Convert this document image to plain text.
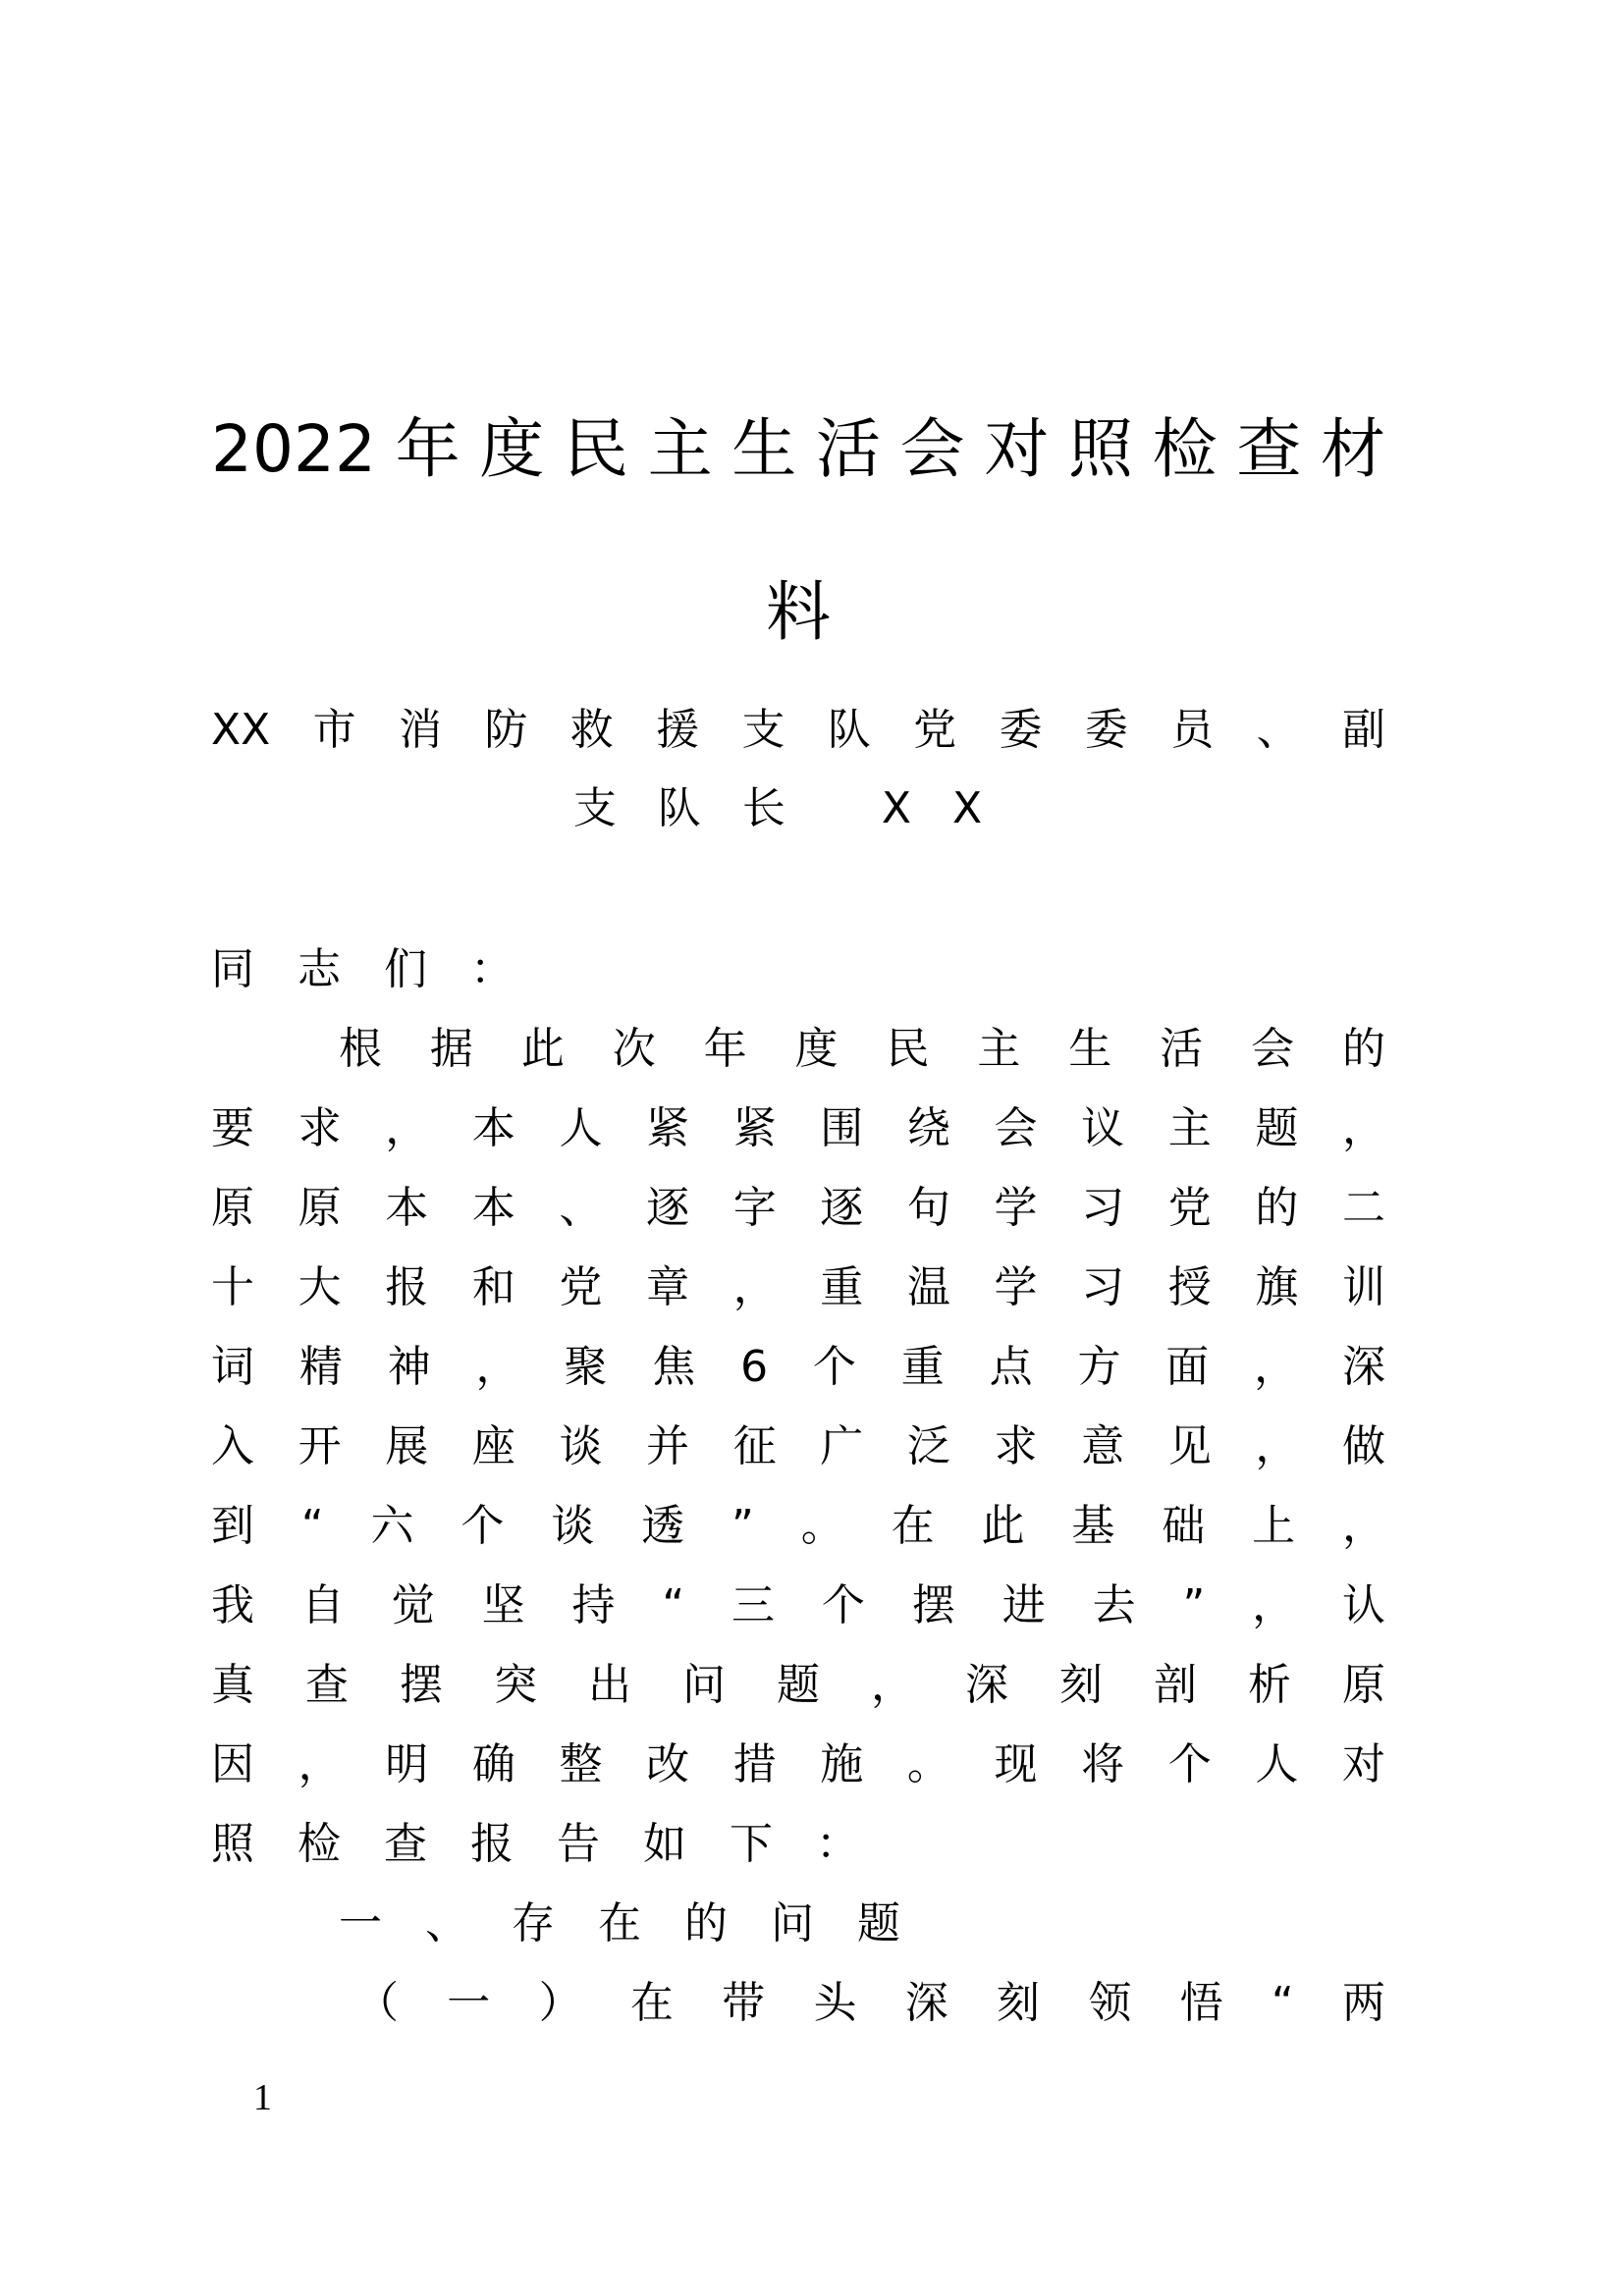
2022年度民主生活会对照检查材
料
XX市消防救援支队党委委员、副
支队长 XX
同志们：
根据此次年度民主生活会的
要求，本人紧紧围绕会议主题，
原原本本、逐字逐句学习党的二
十大报和党章，重温学习授旗训
词精神，聚焦6个重点方面，深
入开展座谈并征广泛求意见，做
到“六个谈透”。在此基础上，
我自觉坚持“三个摆进去”，认
真查摆突出问题，深刻剖析原
因，明确整改措施。现将个人对
照检查报告如下：
一、存在的问题
（一）在带头深刻领悟“两
1
